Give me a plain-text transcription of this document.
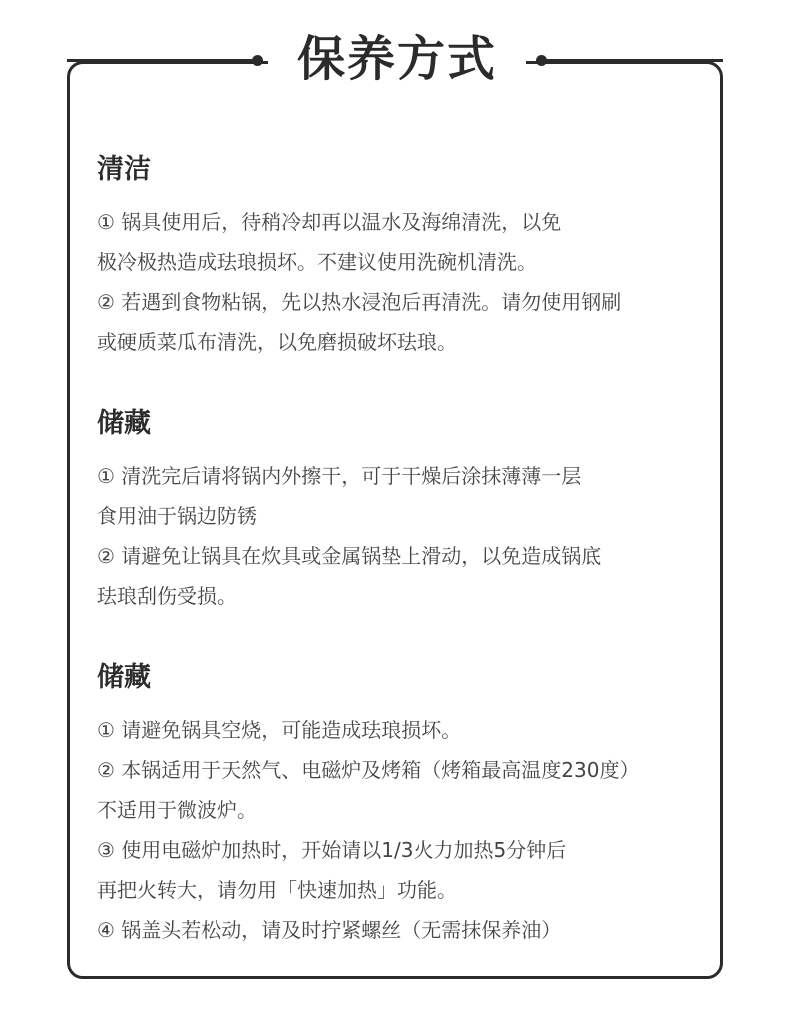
保养方式
清洁

① 锅具使用后，待稍冷却再以温水及海绵清洗，以免
极冷极热造成珐琅损坏。不建议使用洗碗机清洗。

② 若遇到食物粘锅，先以热水浸泡后再清洗。请勿使用钢刷
或硬质菜瓜布清洗，以免磨损破坏珐琅。

储藏

① 清洗完后请将锅内外擦干，可于干燥后涂抹薄薄一层
食用油于锅边防锈

② 请避免让锅具在炊具或金属锅垫上滑动，以免造成锅底
珐琅刮伤受损。

储藏

① 请避免锅具空烧，可能造成珐琅损坏。

② 本锅适用于天然气、电磁炉及烤箱（烤箱最高温度230度）
不适用于微波炉。

③ 使用电磁炉加热时，开始请以1/3火力加热5分钟后
再把火转大，请勿用「快速加热」功能。

④ 锅盖头若松动，请及时拧紧螺丝（无需抹保养油）
